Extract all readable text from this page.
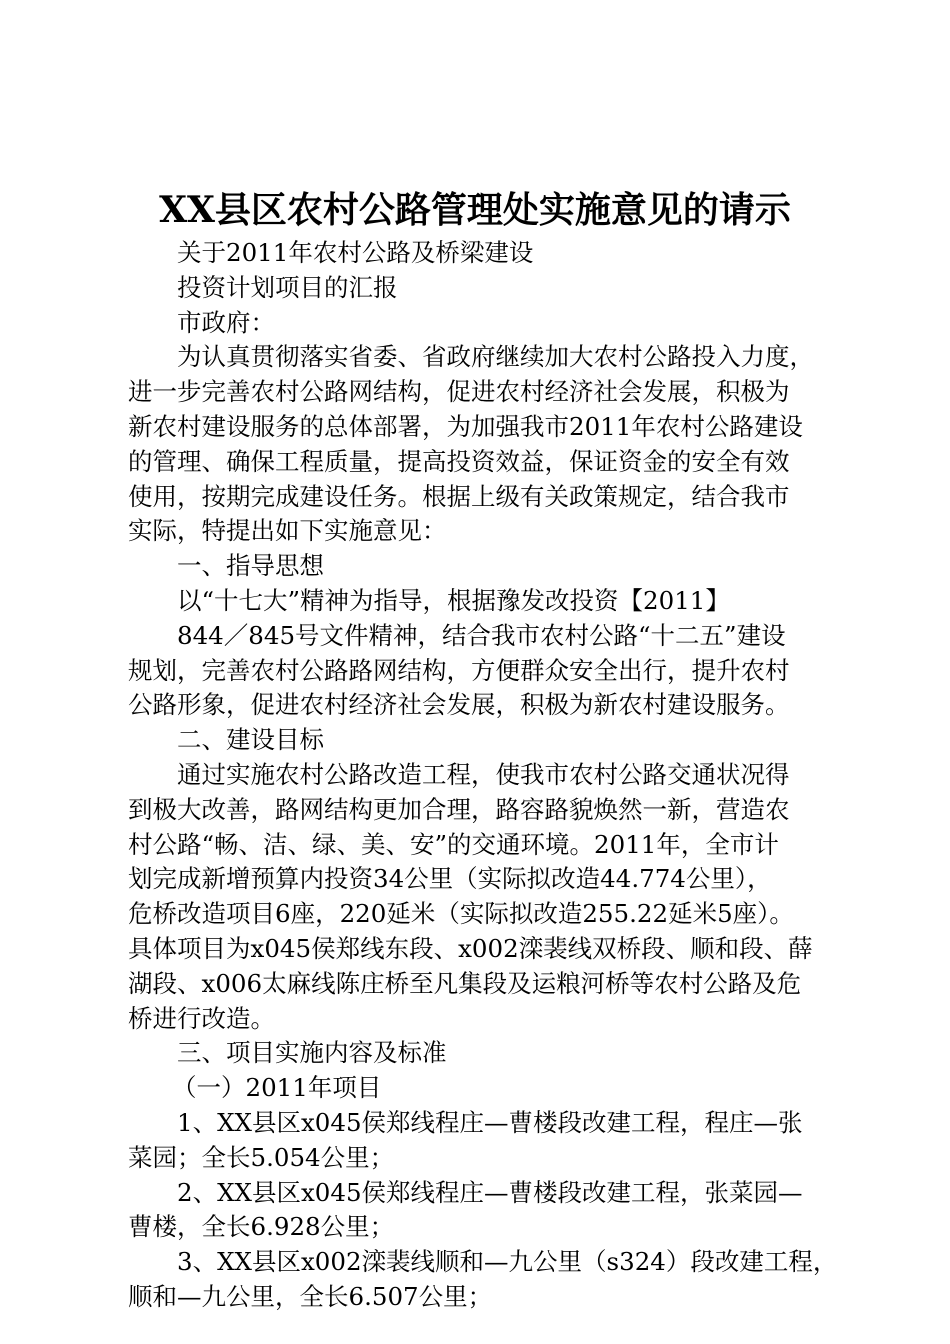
XX县区农村公路管理处实施意见的请示
关于2011年农村公路及桥梁建设
投资计划项目的汇报
市政府：
为认真贯彻落实省委、省政府继续加大农村公路投入力度，
进一步完善农村公路网结构，促进农村经济社会发展，积极为
新农村建设服务的总体部署，为加强我市2011年农村公路建设
的管理、确保工程质量，提高投资效益，保证资金的安全有效
使用，按期完成建设任务。根据上级有关政策规定，结合我市
实际，特提出如下实施意见：
一、指导思想
以“十七大”精神为指导，根据豫发改投资【2011】
844／845号文件精神，结合我市农村公路“十二五”建设
规划，完善农村公路路网结构，方便群众安全出行，提升农村
公路形象，促进农村经济社会发展，积极为新农村建设服务。
二、建设目标
通过实施农村公路改造工程，使我市农村公路交通状况得
到极大改善，路网结构更加合理，路容路貌焕然一新，营造农
村公路“畅、洁、绿、美、安”的交通环境。2011年，全市计
划完成新增预算内投资34公里（实际拟改造44.774公里），
危桥改造项目6座，220延米（实际拟改造255.22延米5座）。
具体项目为x045侯郑线东段、x002滦裴线双桥段、顺和段、薛
湖段、x006太麻线陈庄桥至凡集段及运粮河桥等农村公路及危
桥进行改造。
三、项目实施内容及标准
（一）2011年项目
1、XX县区x045侯郑线程庄—曹楼段改建工程，程庄—张
菜园；全长5.054公里；
2、XX县区x045侯郑线程庄—曹楼段改建工程，张菜园—
曹楼，全长6.928公里；
3、XX县区x002滦裴线顺和—九公里（s324）段改建工程，
顺和—九公里，全长6.507公里；
